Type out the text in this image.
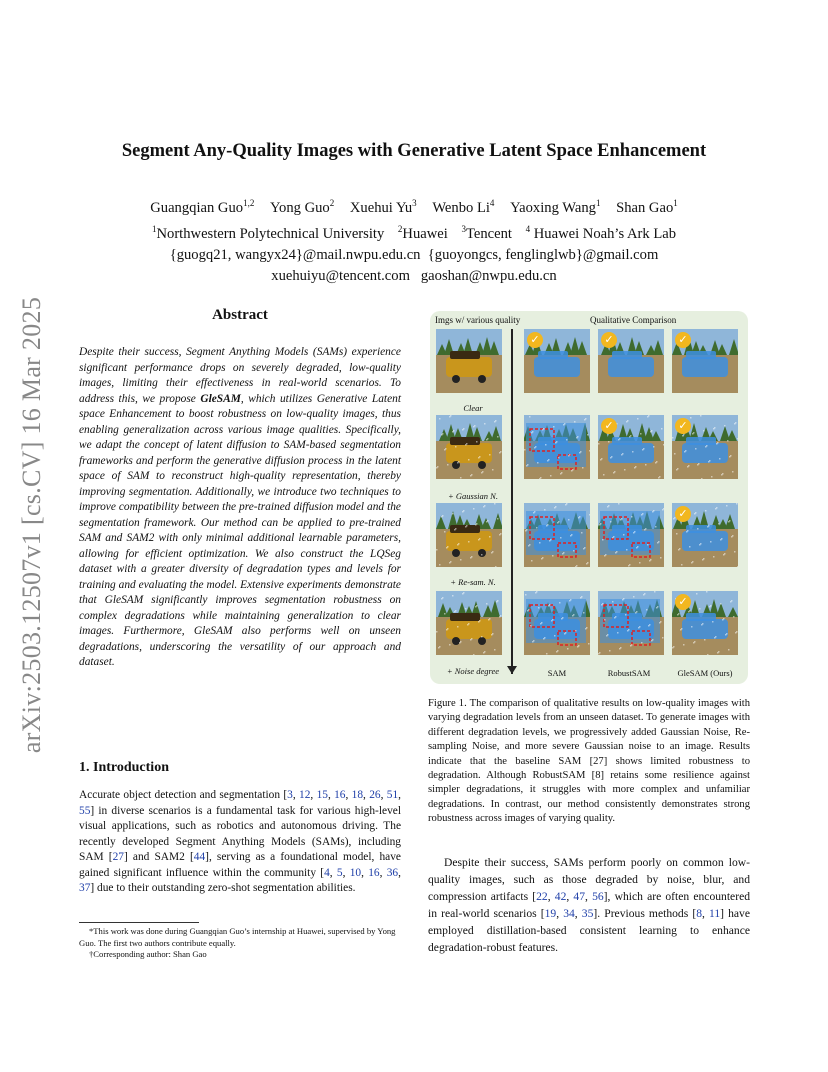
arXiv:2503.12507v1 [cs.CV] 16 Mar 2025
Segment Any-Quality Images with Generative Latent Space Enhancement
Guangqian Guo$^{1,2}$ Yong Guo$^2$ Xuehui Yu$^3$ Wenbo Li$^4$ Yaoxing Wang$^1$ Shan Gao$^1$
$^1$Northwestern Polytechnical University $^2$Huawei $^3$Tencent $^4$ Huawei Noah’s Ark Lab
{guogq21, wangyx24}@mail.nwpu.edu.cn  {guoyongcs, fenglinglwb}@gmail.com
xuehuiyu@tencent.com   gaoshan@nwpu.edu.cn
Abstract

Despite their success, Segment Anything Models (SAMs) experience significant performance drops on severely degraded, low-quality images, limiting their effectiveness in real-world scenarios. To address this, we propose GleSAM, which utilizes Generative Latent space Enhancement to boost robustness on low-quality images, thus enabling generalization across various image qualities. Specifically, we adapt the concept of latent diffusion to SAM-based segmentation frameworks and perform the generative diffusion process in the latent space of SAM to reconstruct high-quality representation, thereby improving segmentation. Additionally, we introduce two techniques to improve compatibility between the pre-trained diffusion model and the segmentation framework. Our method can be applied to pre-trained SAM and SAM2 with only minimal additional learnable parameters, allowing for efficient optimization. We also construct the LQSeg dataset with a greater diversity of degradation types and levels for training and evaluating the model. Extensive experiments demonstrate that GleSAM significantly improves segmentation robustness on complex degradations while maintaining generalization to clear images. Furthermore, GleSAM also performs well on unseen degradations, underscoring the versatility of our approach and dataset.

1. Introduction

Accurate object detection and segmentation [3, 12, 15, 16, 18, 26, 51, 55] in diverse scenarios is a fundamental task for various high-level visual applications, such as robotics and autonomous driving. The recently developed Segment Anything Models (SAMs), including SAM [27] and SAM2 [44], serving as a foundational model, have gained significant influence within the community [4, 5, 10, 16, 36, 37] due to their outstanding zero-shot segmentation abilities.

*This work was done during Guangqian Guo’s internship at Huawei, supervised by Yong Guo. The first two authors contribute equally.

†Corresponding author: Shan Gao

Imgs w/ various quality	Qualitative Comparison
✓	✓	✓
✓	✓
✓
✓
Clear
+ Gaussian N.
+ Re-sam. N.
+ Noise degree	SAM	RobustSAM	GleSAM (Ours)

Figure 1. The comparison of qualitative results on low-quality images with varying degradation levels from an unseen dataset. To generate images with different degradation levels, we progressively added Gaussian Noise, Re-sampling Noise, and more severe Gaussian noise to an image. Results indicate that the baseline SAM [27] shows limited robustness to degradation. Although RobustSAM [8] retains some resilience against simpler degradations, it struggles with more complex and unfamiliar degradations. In contrast, our method consistently demonstrates strong robustness across images of varying quality.

Despite their success, SAMs perform poorly on common low-quality images, such as those degraded by noise, blur, and compression artifacts [22, 42, 47, 56], which are often encountered in real-world scenarios [19, 34, 35]. Previous methods [8, 11] have employed distillation-based consistent learning to enhance degradation-robust features.
